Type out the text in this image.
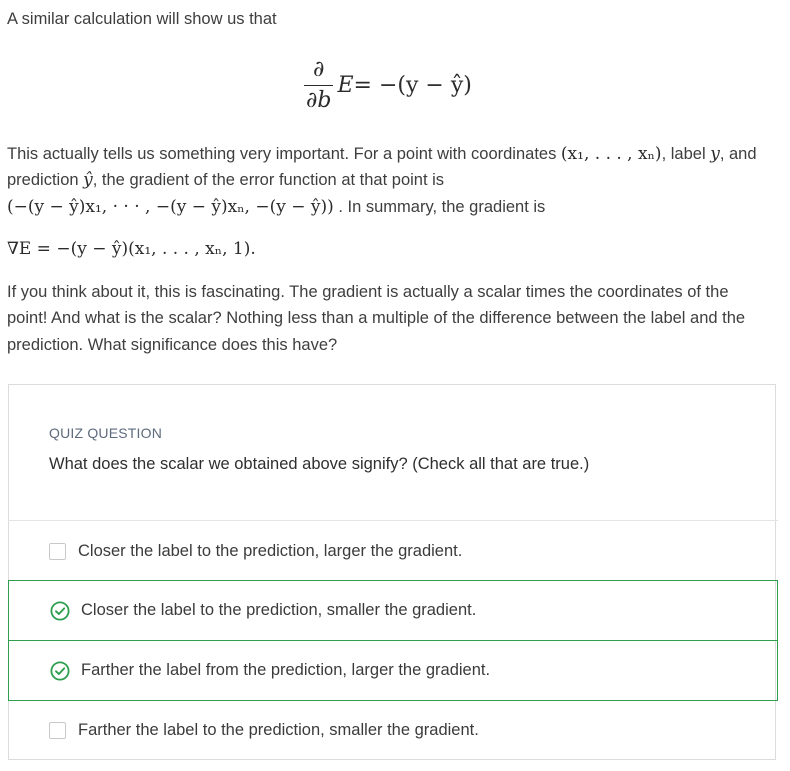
A similar calculation will show us that

$\frac{\partial}{\partial b}$ E = −(y − ŷ)

This actually tells us something very important. For a point with coordinates (x₁, . . . , xₙ), label y, and

prediction ŷ, the gradient of the error function at that point is

(−(y − ŷ)x₁, · · · , −(y − ŷ)xₙ, −(y − ŷ)) . In summary, the gradient is

∇E = −(y − ŷ)(x₁, . . . , xₙ, 1).

If you think about it, this is fascinating. The gradient is actually a scalar times the coordinates of the

point! And what is the scalar? Nothing less than a multiple of the difference between the label and the

prediction. What significance does this have?

QUIZ QUESTION
What does the scalar we obtained above signify? (Check all that are true.)
Closer the label to the prediction, larger the gradient.
Closer the label to the prediction, smaller the gradient.
Farther the label from the prediction, larger the gradient.
Farther the label to the prediction, smaller the gradient.
